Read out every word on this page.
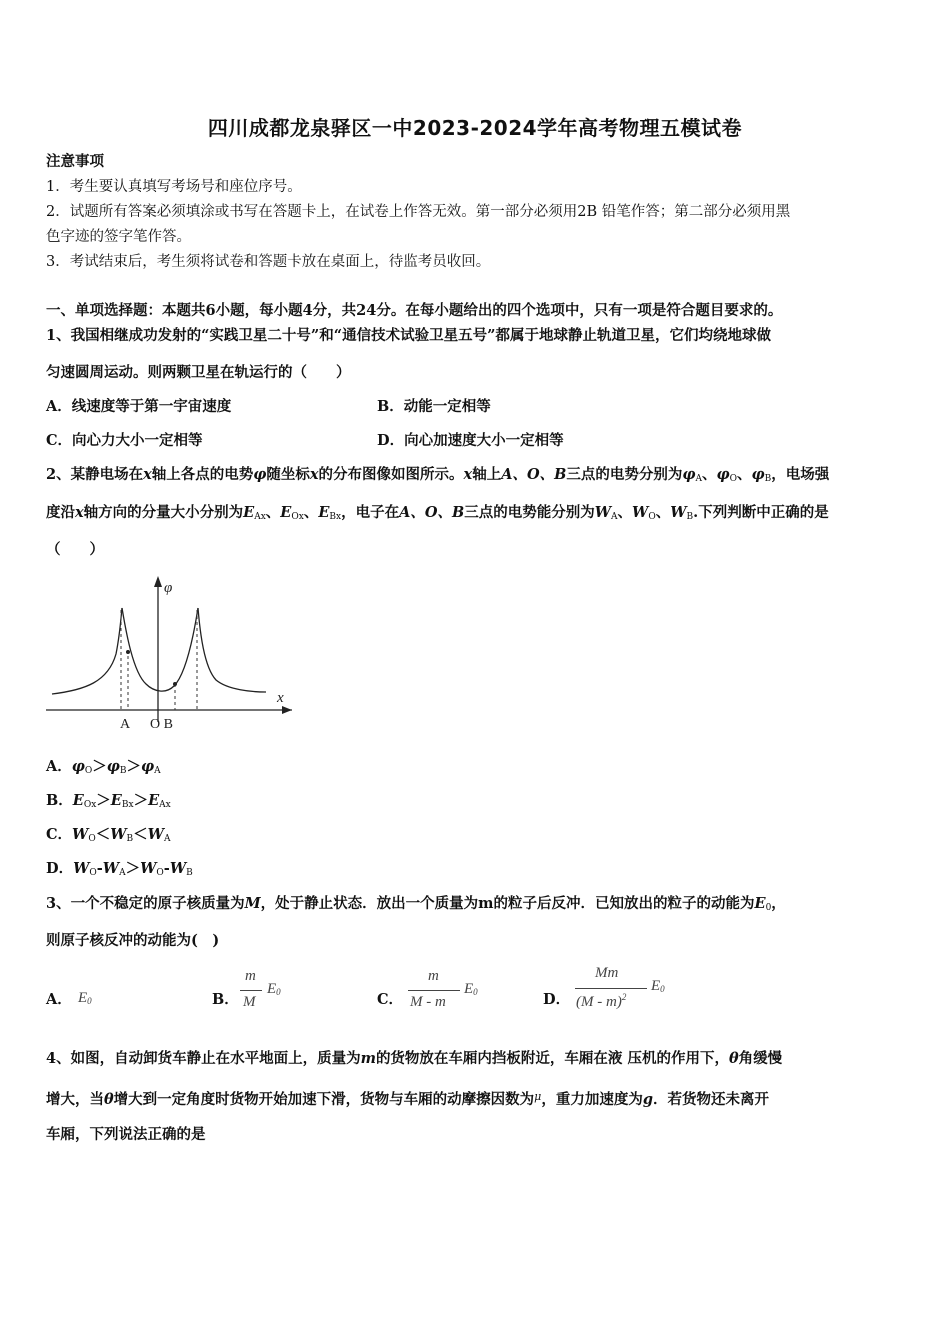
四川成都龙泉驿区一中2023-2024学年高考物理五模试卷
注意事项
1．考生要认真填写考场号和座位序号。
2．试题所有答案必须填涂或书写在答题卡上，在试卷上作答无效。第一部分必须用2B 铅笔作答；第二部分必须用黑
色字迹的签字笔作答。
3．考试结束后，考生须将试卷和答题卡放在桌面上，待监考员收回。
一、单项选择题：本题共6小题，每小题4分，共24分。在每小题给出的四个选项中，只有一项是符合题目要求的。
1、我国相继成功发射的“实践卫星二十号”和“通信技术试验卫星五号”都属于地球静止轨道卫星，它们均绕地球做
匀速圆周运动。则两颗卫星在轨运行的（　　）
A．线速度等于第一宇宙速度	B．动能一定相等
C．向心力大小一定相等	D．向心加速度大小一定相等
2、某静电场在x轴上各点的电势φ随坐标x的分布图像如图所示。x轴上A、O、B三点的电势分别为$\varphi_A$、$\varphi_O$、$\varphi_B$，电场强
度沿x轴方向的分量大小分别为$E_{Ax}$、$E_{Ox}$、$E_{Bx}$，电子在A、O、B三点的电势能分别为$W_A$、$W_O$、$W_B$.下列判断中正确的是
（　　）
φ
x
A O B
A．$\varphi_O>\varphi_B>\varphi_A$
B．$E_{Ox}>E_{Bx}>E_{Ax}$
C．$W_O<W_B<W_A$
D．$W_O-W_A>W_O-W_B$
3、一个不稳定的原子核质量为M，处于静止状态．放出一个质量为m的粒子后反冲．已知放出的粒子的动能为$E_0$，
则原子核反冲的动能为(　)
A． $E_0$	B．
m
M
$E_0$	C．
m
M - m
$E_0$	D．
Mm
(M - m)$^2$
$E_0$
4、如图，自动卸货车静止在水平地面上，质量为m的货物放在车厢内挡板附近，车厢在液 压机的作用下，θ角缓慢
增大，当θ增大到一定角度时货物开始加速下滑，货物与车厢的动摩擦因数为$^\mu$，重力加速度为g．若货物还未离开
车厢，下列说法正确的是
